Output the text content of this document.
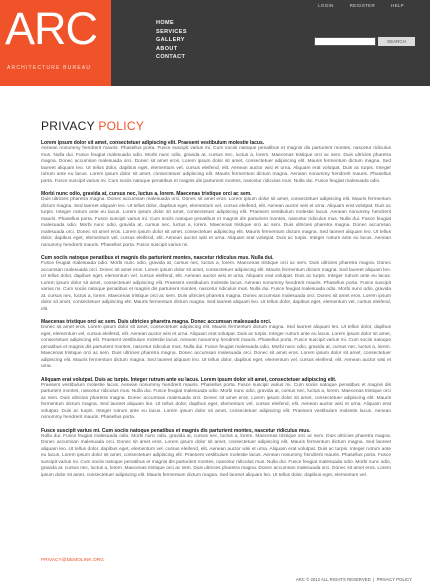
ARC
ARCHITECTURE BUREAU
HOME
SERVICES
GALLERY
ABOUT
CONTACT
LOGIN	REGISTER	HELP
SEARCH
PRIVACY POLICY
Lorem ipsum dolor sit amet, consectetuer adipiscing elit. Praesent vestibulum molestie lacus.

Aenean nonummy hendrerit mauris. Phasellus porta. Fusce suscipit varius mi. Cum sociis natoque penatibus et magnis dis parturient montes, nascetur ridiculus mus. Nulla dui. Fusce feugiat malesuada odio. Morbi nunc odio, gravida at, cursus nec, luctus a, lorem. Maecenas tristique orci ac sem. Duis ultricies pharetra magna. Donec accumsan malesuada orci. Donec sit amet eros. Lorem ipsum dolor sit amet, consectetuer adipiscing elit. Mauris fermentum dictum magna. Sed laoreet aliquam leo. Ut tellus dolor, dapibus eget, elementum vel, cursus eleifend, elit. Aenean auctor wisi et urna. Aliquam erat volutpat. Duis ac turpis. Integer rutrum ante eu lacus. Lorem ipsum dolor sit amet, consectetuer adipiscing elit. Mauris fermentum dictum magna. Aenean nonummy hendrerit mauris. Phasellus porta. Fusce suscipit varius mi. Cum sociis natoque penatibus et magnis dis parturient montes, nascetur ridiculus mus. Nulla dui. Fusce feugiat malesuada odio.

Morbi nunc odio, gravida at, cursus nec, luctus a, lorem. Maecenas tristique orci ac sem.

Duis ultricies pharetra magna. Donec accumsan malesuada orci. Donec sit amet eros. Lorem ipsum dolor sit amet, consectetuer adipiscing elit. Mauris fermentum dictum magna. Sed laoreet aliquam leo. Ut tellus dolor, dapibus eget, elementum vel, cursus eleifend, elit. Aenean auctor wisi et urna. Aliquam erat volutpat. Duis ac turpis. Integer rutrum ante eu lacus. Lorem ipsum dolor sit amet, consectetuer adipiscing elit. Praesent vestibulum molestie lacus. Aenean nonummy hendrerit mauris. Phasellus porta. Fusce suscipit varius mi. Cum sociis natoque penatibus et magnis dis parturient montes, nascetur ridiculus mus. Nulla dui. Fusce feugiat malesuada odio. Morbi nunc odio, gravida at, cursus nec, luctus a, lorem. Maecenas tristique orci ac sem. Duis ultricies pharetra magna. Donec accumsan malesuada orci. Donec sit amet eros. Lorem ipsum dolor sit amet, consectetuer adipiscing elit. Mauris fermentum dictum magna. Sed laoreet aliquam leo. Ut tellus dolor, dapibus eget, elementum vel, cursus eleifend, elit. Aenean auctor wisi et urna. Aliquam erat volutpat. Duis ac turpis. Integer rutrum ante eu lacus. Aenean nonummy hendrerit mauris. Phasellus porta. Fusce suscipit varius mi.

Cum sociis natoque penatibus et magnis dis parturient montes, nascetur ridiculus mus. Nulla dui.

Fusce feugiat malesuada odio. Morbi nunc odio, gravida at, cursus nec, luctus a, lorem. Maecenas tristique orci ac sem. Duis ultricies pharetra magna. Donec accumsan malesuada orci. Donec sit amet eros. Lorem ipsum dolor sit amet, consectetuer adipiscing elit. Mauris fermentum dictum magna. Sed laoreet aliquam leo. Ut tellus dolor, dapibus eget, elementum vel, cursus eleifend, elit. Aenean auctor wisi et urna. Aliquam erat volutpat. Duis ac turpis. Integer rutrum ante eu lacus. Lorem ipsum dolor sit amet, consectetuer adipiscing elit. Praesent vestibulum molestie lacus. Aenean nonummy hendrerit mauris. Phasellus porta. Fusce suscipit varius mi. Cum sociis natoque penatibus et magnis dis parturient montes, nascetur ridiculus mus. Nulla dui. Fusce feugiat malesuada odio. Morbi nunc odio, gravida at, cursus nec, luctus a, lorem. Maecenas tristique orci ac sem. Duis ultricies pharetra magna. Donec accumsan malesuada orci. Donec sit amet eros. Lorem ipsum dolor sit amet, consectetuer adipiscing elit. Mauris fermentum dictum magna. Sed laoreet aliquam leo. Ut tellus dolor, dapibus eget, elementum vel, cursus eleifend, elit.

Maecenas tristique orci ac sem. Duis ultricies pharetra magna. Donec accumsan malesuada orci.

Donec sit amet eros. Lorem ipsum dolor sit amet, consectetuer adipiscing elit. Mauris fermentum dictum magna. Sed laoreet aliquam leo. Ut tellus dolor, dapibus eget, elementum vel, cursus eleifend, elit. Aenean auctor wisi et urna. Aliquam erat volutpat. Duis ac turpis. Integer rutrum ante eu lacus. Lorem ipsum dolor sit amet, consectetuer adipiscing elit. Praesent vestibulum molestie lacus. Aenean nonummy hendrerit mauris. Phasellus porta. Fusce suscipit varius mi. Cum sociis natoque penatibus et magnis dis parturient montes, nascetur ridiculus mus. Nulla dui. Fusce feugiat malesuada odio. Morbi nunc odio, gravida at, cursus nec, luctus a, lorem. Maecenas tristique orci ac sem. Duis ultricies pharetra magna. Donec accumsan malesuada orci. Donec sit amet eros. Lorem ipsum dolor sit amet, consectetuer adipiscing elit. Mauris fermentum dictum magna. Sed laoreet aliquam leo. Ut tellus dolor, dapibus eget, elementum vel, cursus eleifend, elit. Aenean auctor wisi et urna.

Aliquam erat volutpat. Duis ac turpis. Integer rutrum ante eu lacus. Lorem ipsum dolor sit amet, consectetuer adipiscing elit.

Praesent vestibulum molestie lacus. Aenean nonummy hendrerit mauris. Phasellus porta. Fusce suscipit varius mi. Cum sociis natoque penatibus et magnis dis parturient montes, nascetur ridiculus mus. Nulla dui. Fusce feugiat malesuada odio. Morbi nunc odio, gravida at, cursus nec, luctus a, lorem. Maecenas tristique orci ac sem. Duis ultricies pharetra magna. Donec accumsan malesuada orci. Donec sit amet eros. Lorem ipsum dolor sit amet, consectetuer adipiscing elit. Mauris fermentum dictum magna. Sed laoreet aliquam leo. Ut tellus dolor, dapibus eget, elementum vel, cursus eleifend, elit. Aenean auctor wisi et urna. Aliquam erat volutpat. Duis ac turpis. Integer rutrum ante eu lacus. Lorem ipsum dolor sit amet, consectetuer adipiscing elit. Praesent vestibulum molestie lacus. Aenean nonummy hendrerit mauris. Phasellus porta.

Fusce suscipit varius mi. Cum sociis natoque penatibus et magnis dis parturient montes, nascetur ridiculus mus.

Nulla dui. Fusce feugiat malesuada odio. Morbi nunc odio, gravida at, cursus nec, luctus a, lorem. Maecenas tristique orci ac sem. Duis ultricies pharetra magna. Donec accumsan malesuada orci. Donec sit amet eros. Lorem ipsum dolor sit amet, consectetuer adipiscing elit. Mauris fermentum dictum magna. Sed laoreet aliquam leo. Ut tellus dolor, dapibus eget, elementum vel, cursus eleifend, elit. Aenean auctor wisi et urna. Aliquam erat volutpat. Duis ac turpis. Integer rutrum ante eu lacus. Lorem ipsum dolor sit amet, consectetuer adipiscing elit. Praesent vestibulum molestie lacus. Aenean nonummy hendrerit mauris. Phasellus porta. Fusce suscipit varius mi. Cum sociis natoque penatibus et magnis dis parturient montes, nascetur ridiculus mus. Nulla dui. Fusce feugiat malesuada odio. Morbi nunc odio, gravida at, cursus nec, luctus a, lorem. Maecenas tristique orci ac sem. Duis ultricies pharetra magna. Donec accumsan malesuada orci. Donec sit amet eros. Lorem ipsum dolor sit amet, consectetuer adipiscing elit. Mauris fermentum dictum magna. Sed laoreet aliquam leo. Ut tellus dolor, dapibus eget, elementum vel.

PRIVACY@DEMOLINK.ORG
ARC © 2012 ALL RIGHTS RESERVED | PRIVACY POLICY
